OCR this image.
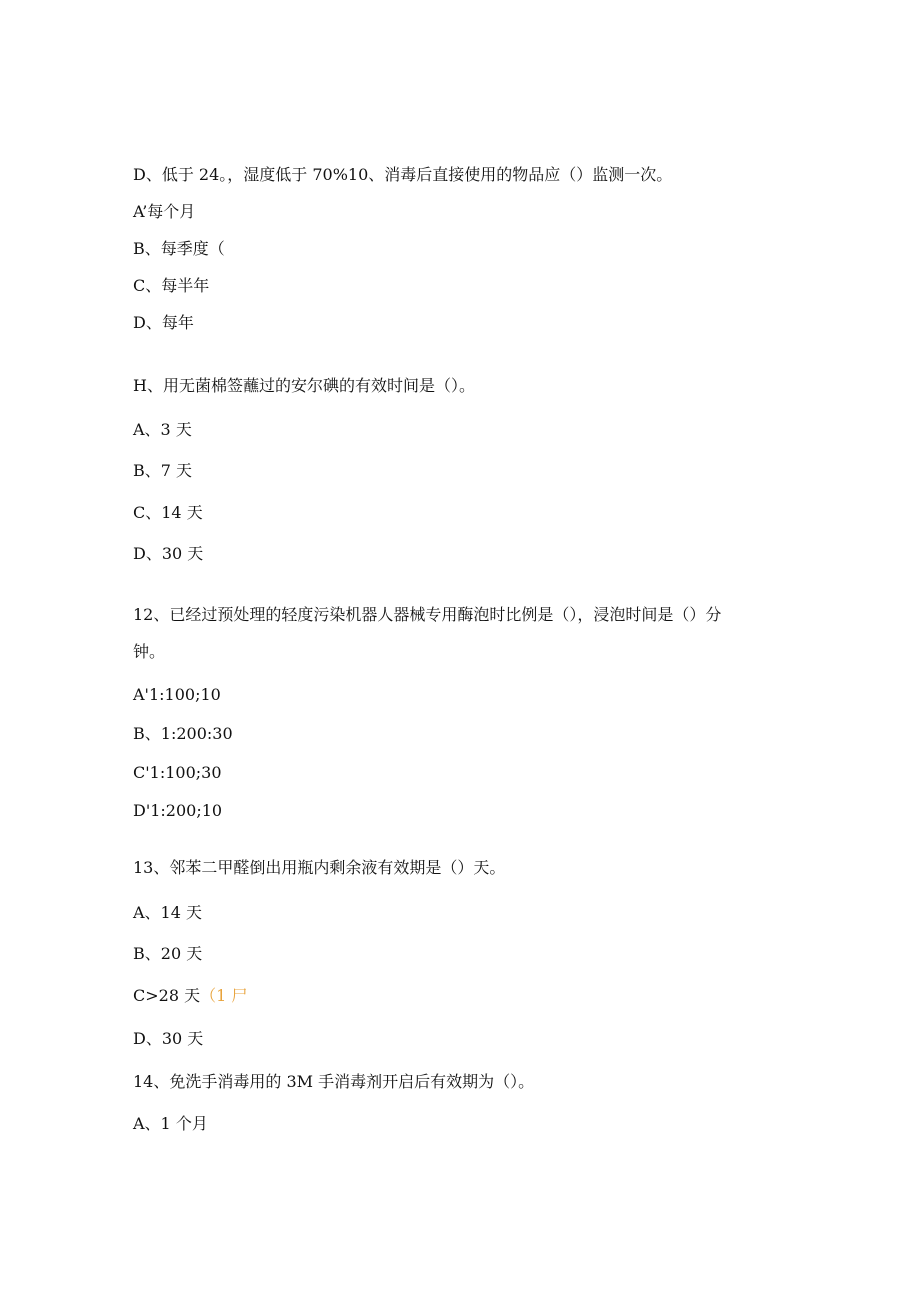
D、低于 24。，湿度低于 70%10、消毒后直接使用的物品应（）监测一次。
A’每个月
B、每季度（
C、每半年
D、每年
H、用无菌棉签蘸过的安尔碘的有效时间是（）。
A、3 天
B、7 天
C、14 天
D、30 天
12、已经过预处理的轻度污染机器人器械专用酶泡时比例是（），浸泡时间是（）分
钟。
A'1:100;10
B、1:200:30
C'1:100;30
D'1:200;10
13、邻苯二甲醛倒出用瓶内剩余液有效期是（）天。
A、14 天
B、20 天
C>28 天（1 尸
D、30 天
14、免洗手消毒用的 3M 手消毒剂开启后有效期为（）。
A、1 个月
